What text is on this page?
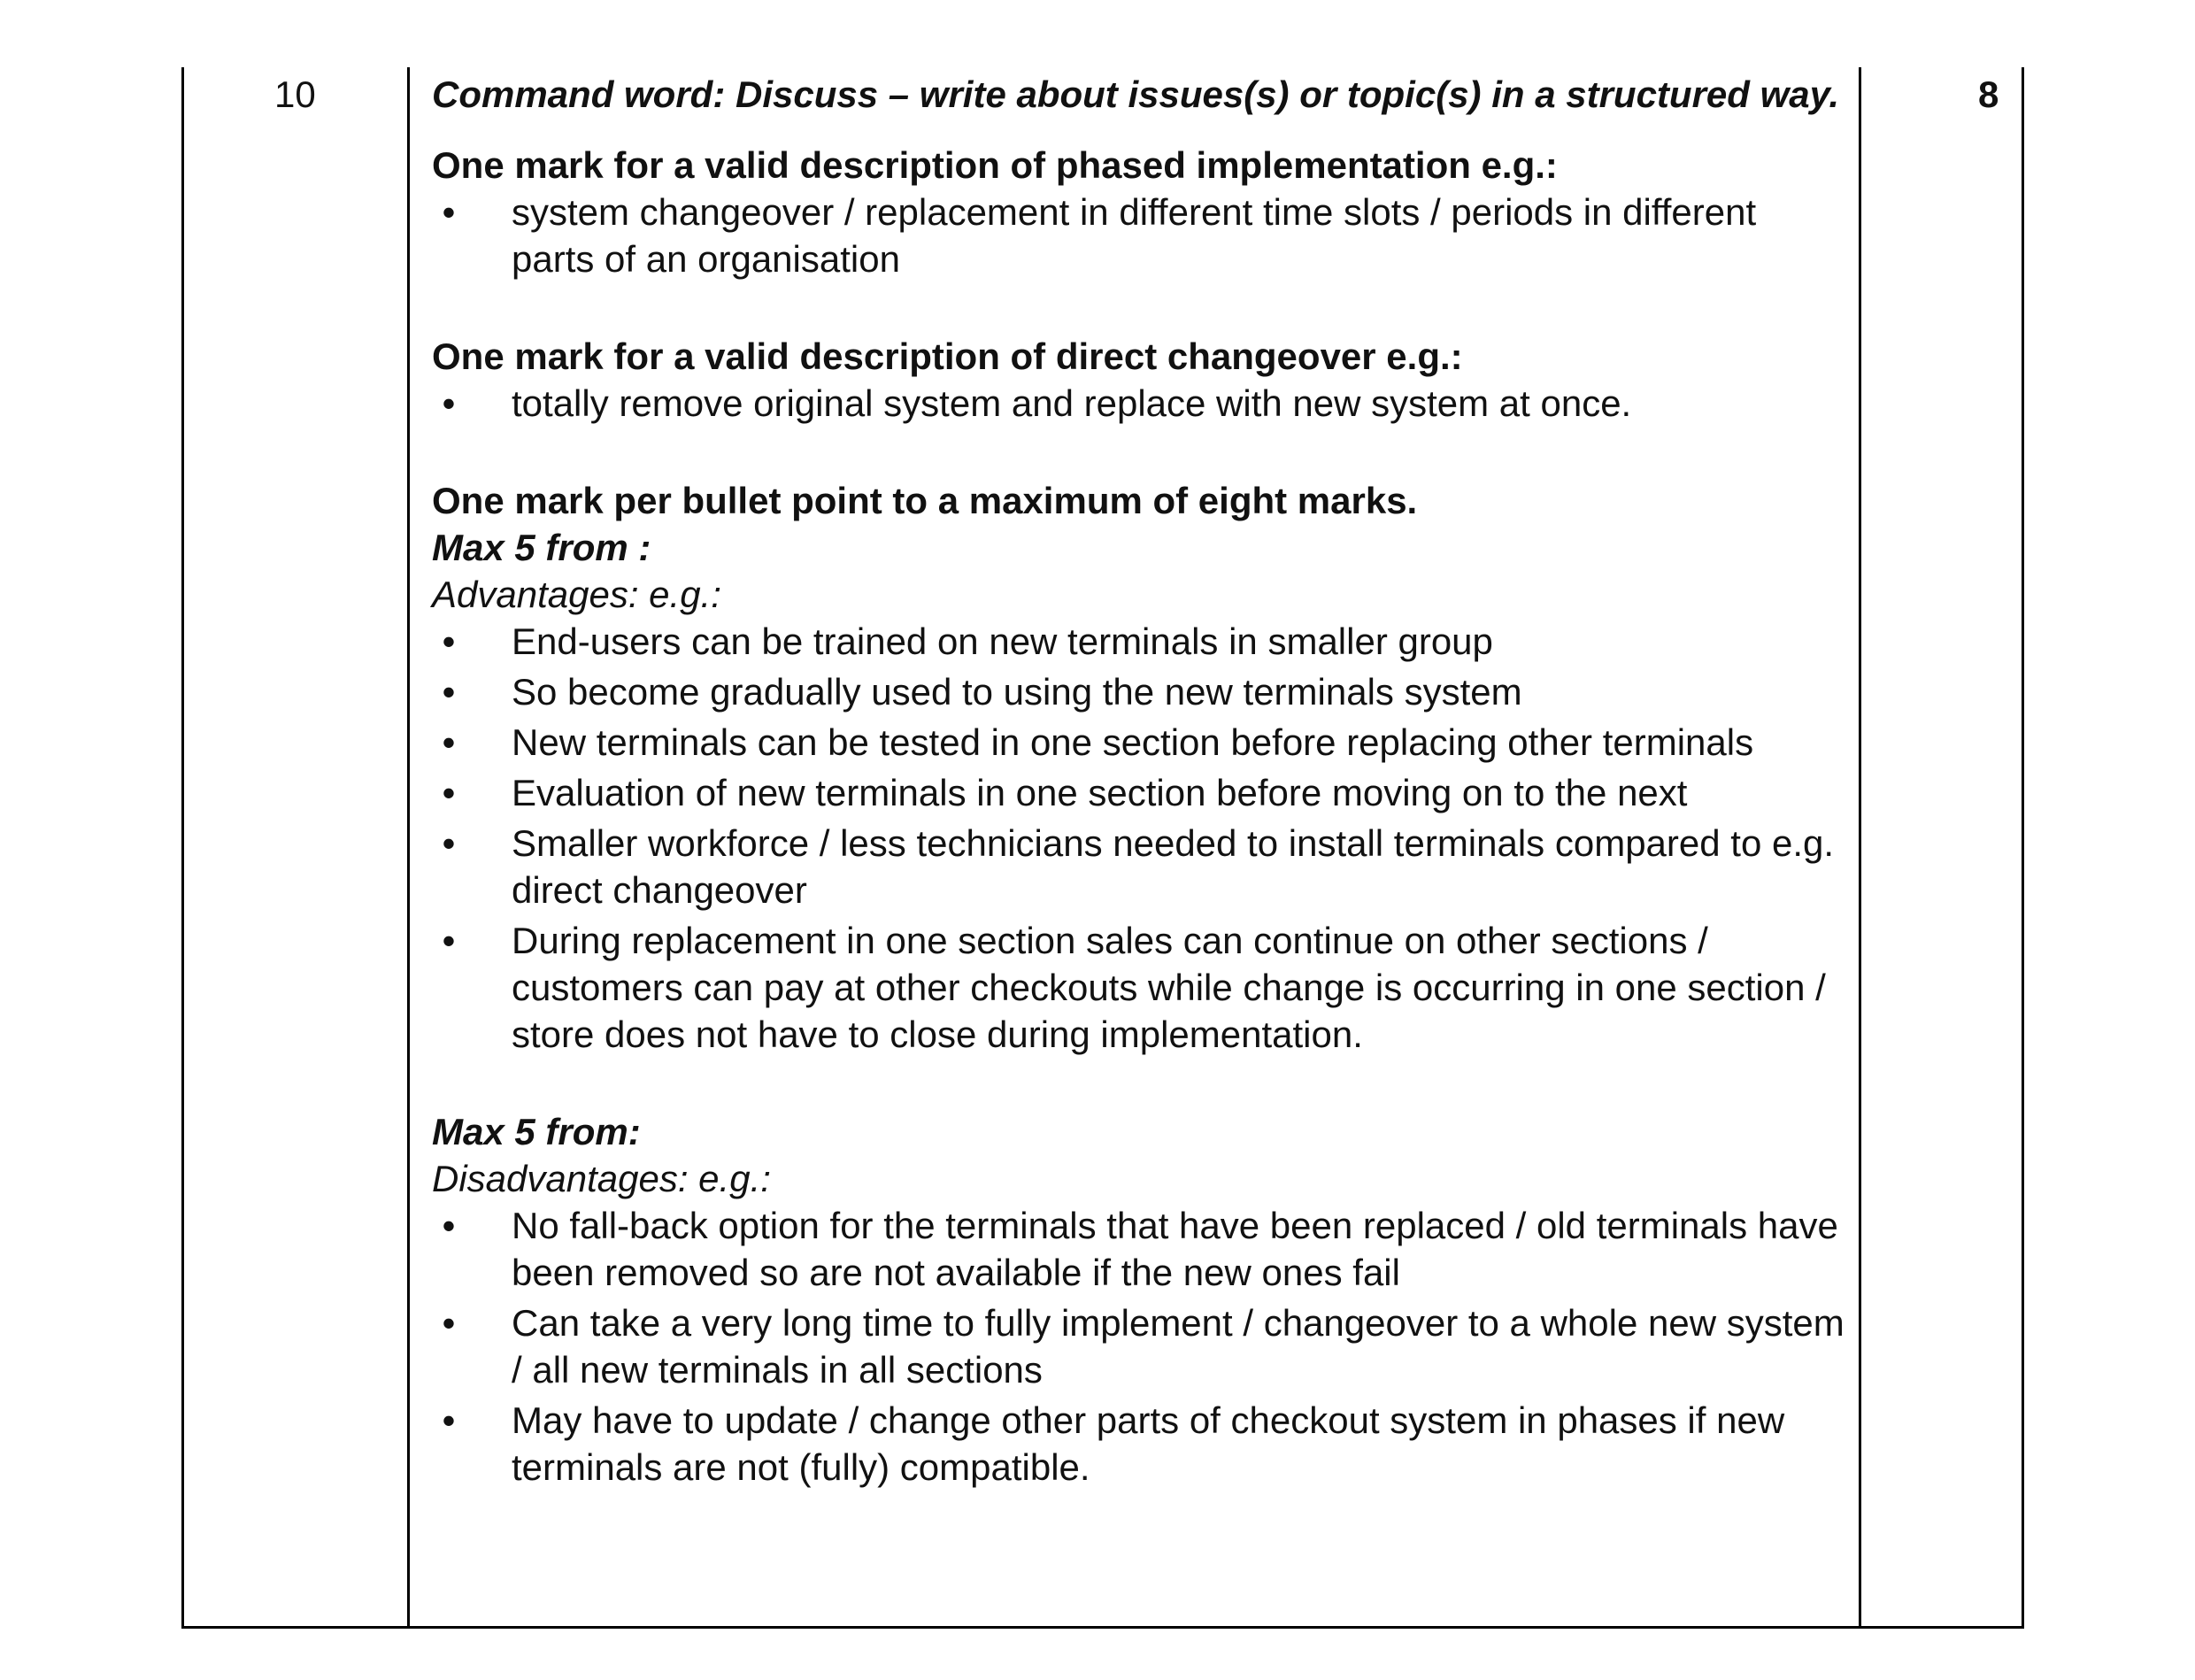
10	Command word: Discuss – write about issues(s) or topic(s) in a structured way.

One mark for a valid description of phased implementation e.g.:

• system changeover / replacement in different time slots / periods in different parts of an organisation

One mark for a valid description of direct changeover e.g.:

• totally remove original system and replace with new system at once.

One mark per bullet point to a maximum of eight marks.

Max 5 from :

Advantages: e.g.:

• End-users can be trained on new terminals in smaller group
• So become gradually used to using the new terminals system
• New terminals can be tested in one section before replacing other terminals
• Evaluation of new terminals in one section before moving on to the next
• Smaller workforce / less technicians needed to install terminals compared to e.g. direct changeover
• During replacement in one section sales can continue on other sections / customers can pay at other checkouts while change is occurring in one section / store does not have to close during implementation.

Max 5 from:

Disadvantages: e.g.:

• No fall-back option for the terminals that have been replaced / old terminals have been removed so are not available if the new ones fail
• Can take a very long time to fully implement / changeover to a whole new system / all new terminals in all sections
• May have to update / change other parts of checkout system in phases if new terminals are not (fully) compatible.
8
